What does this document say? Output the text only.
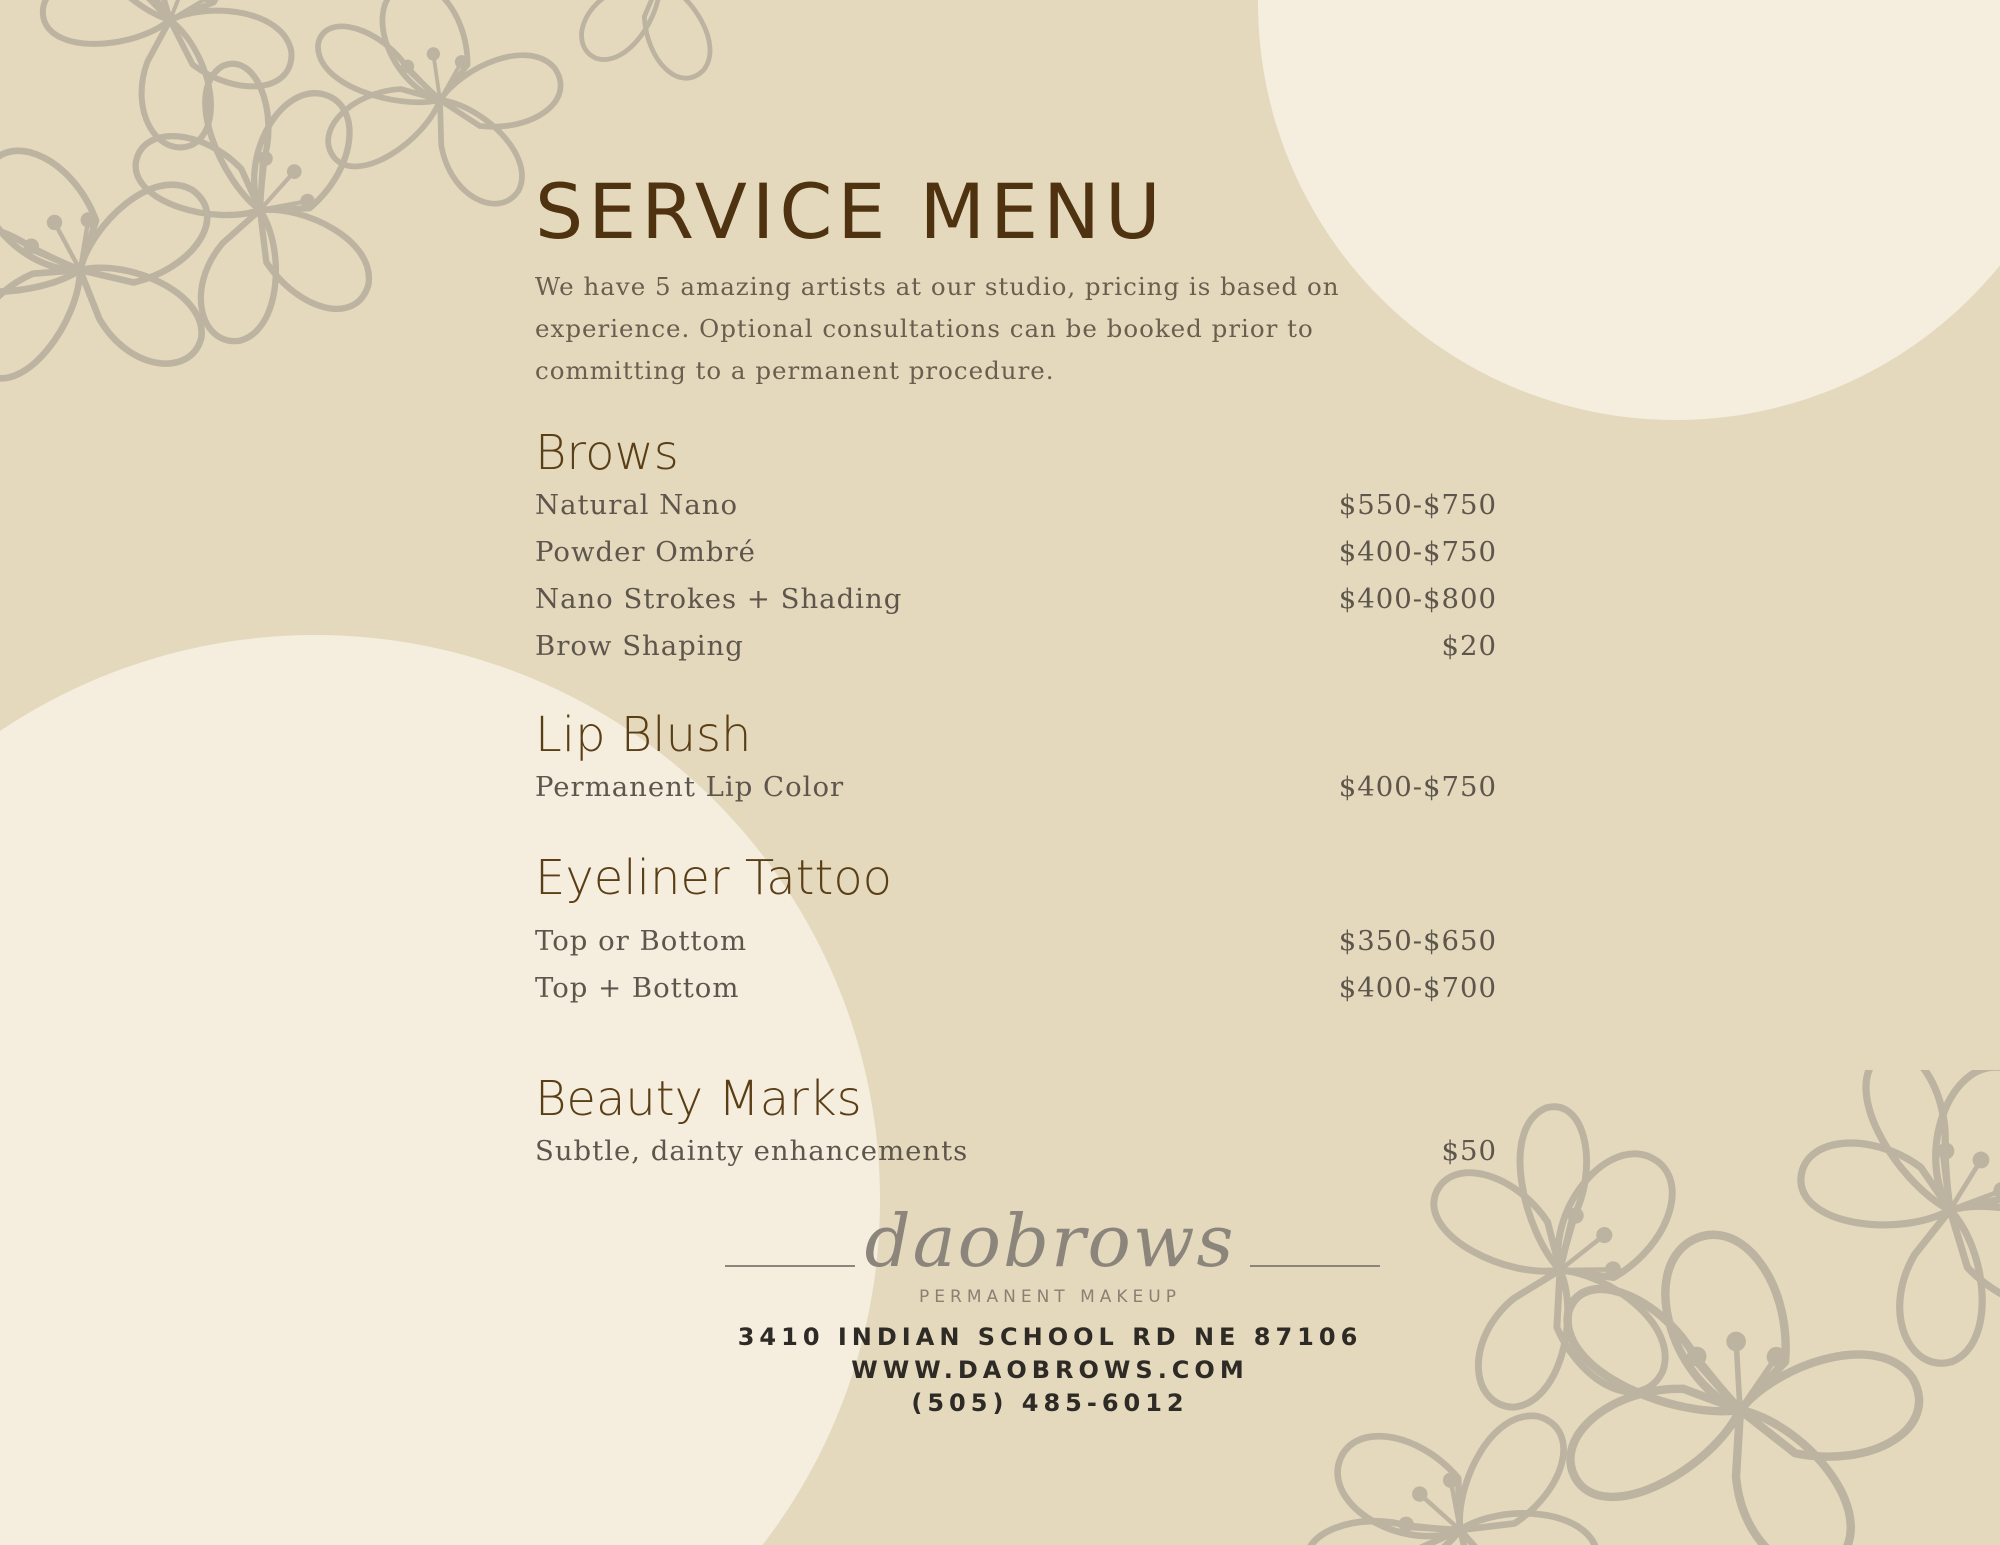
SERVICE MENU
We have 5 amazing artists at our studio, pricing is based on experience. Optional consultations can be booked prior to committing to a permanent procedure.
Brows
Natural Nano	$550-$750
Powder Ombré	$400-$750
Nano Strokes + Shading	$400-$800
Brow Shaping	$20
Lip Blush
Permanent Lip Color	$400-$750
Eyeliner Tattoo
Top or Bottom	$350-$650
Top + Bottom	$400-$700
Beauty Marks
Subtle, dainty enhancements	$50
daobrows
PERMANENT MAKEUP
3410 INDIAN SCHOOL RD NE 87106
WWW.DAOBROWS.COM
(505) 485-6012
